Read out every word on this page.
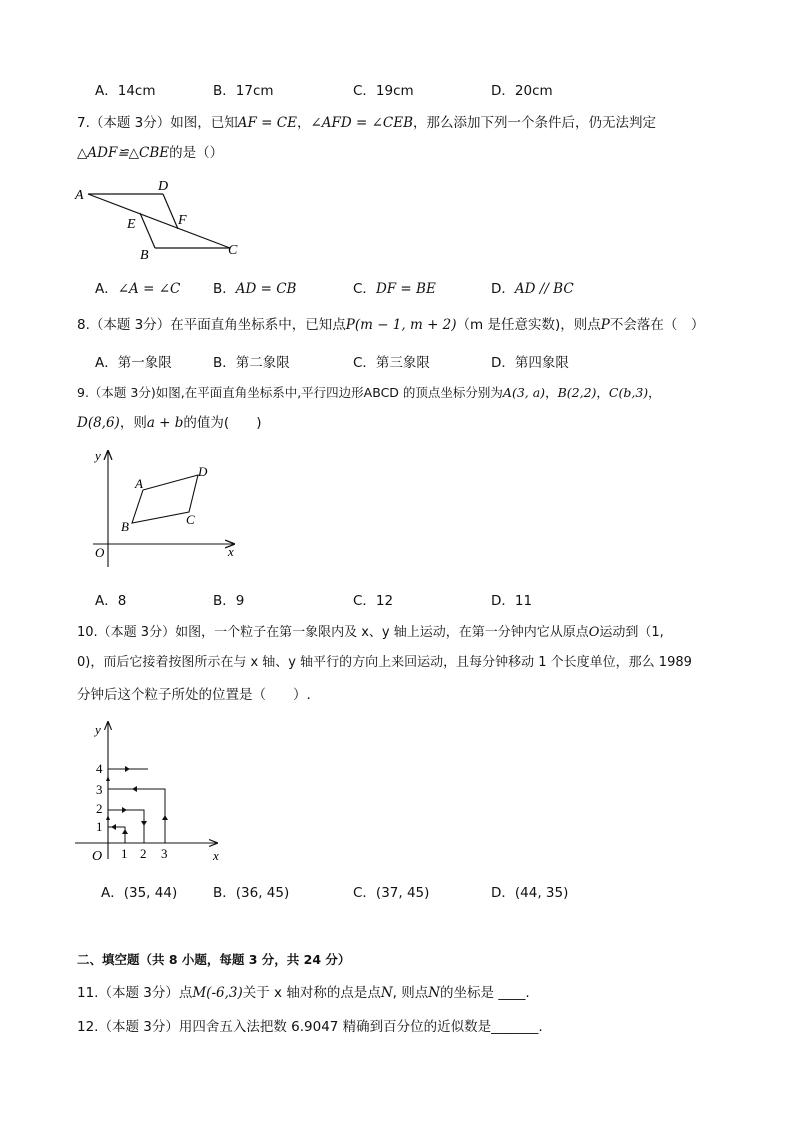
A．14cm	B．17cm	C．19cm	D．20cm
7.（本题 3分）如图，已知AF = CE，∠AFD = ∠CEB，那么添加下列一个条件后，仍无法判定
△ADF≌△CBE的是（）
A
D
E	F
B	C
A．∠A = ∠C B．AD = CB	C．DF = BE	D．AD // BC
8.（本题 3分）在平面直角坐标系中，已知点P(m − 1, m + 2)（m 是任意实数)，则点P不会落在（　）
A．第一象限	B．第二象限	C．第三象限	D．第四象限
9.（本题 3分)如图,在平面直角坐标系中,平行四边形ABCD 的顶点坐标分别为A(3, a)，B(2,2)，C(b,3)，
D(8,6)，则a + b的值为(　　)
y
x
O
A
D
C
B
A．8	B．9	C．12	D．11
10.（本题 3分）如图，一个粒子在第一象限内及 x、y 轴上运动，在第一分钟内它从原点O运动到（1,
0)，而后它接着按图所示在与 x 轴、y 轴平行的方向上来回运动，且每分钟移动 1 个长度单位，那么 1989
分钟后这个粒子所处的位置是（　　）.
y
x
O 1 2 3
1
2
3
4
A．(35, 44)	B．(36, 45)	C．(37, 45)	D．(44, 35)
二、填空题（共 8 小题，每题 3 分，共 24 分）
11.（本题 3分）点M(-6,3)关于 x 轴对称的点是点N, 则点N的坐标是 ____.
12.（本题 3分）用四舍五入法把数 6.9047 精确到百分位的近似数是_______.
